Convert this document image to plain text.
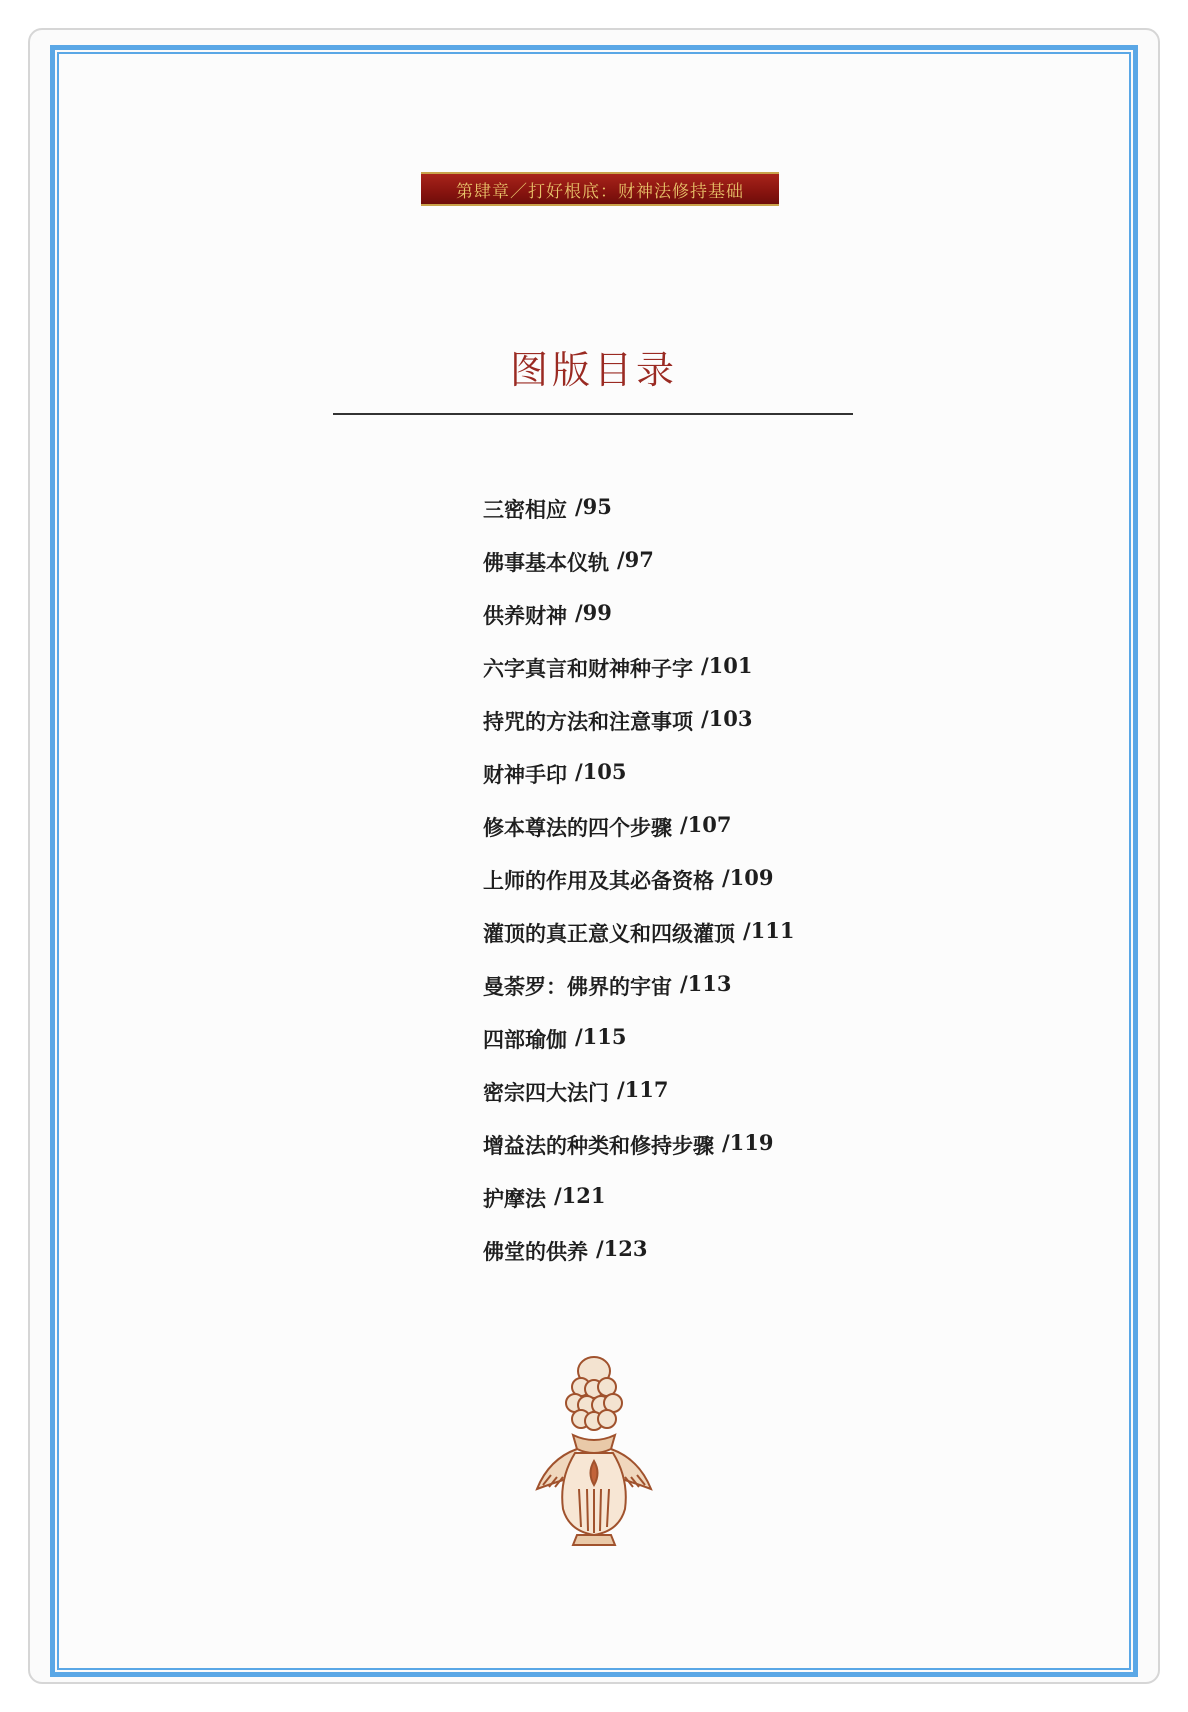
第肆章／打好根底：财神法修持基础
图版目录
三密相应 /95
佛事基本仪轨 /97
供养财神 /99
六字真言和财神种子字 /101
持咒的方法和注意事项 /103
财神手印 /105
修本尊法的四个步骤 /107
上师的作用及其必备资格 /109
灌顶的真正意义和四级灌顶 /111
曼荼罗：佛界的宇宙 /113
四部瑜伽 /115
密宗四大法门 /117
增益法的种类和修持步骤 /119
护摩法 /121
佛堂的供养 /123
